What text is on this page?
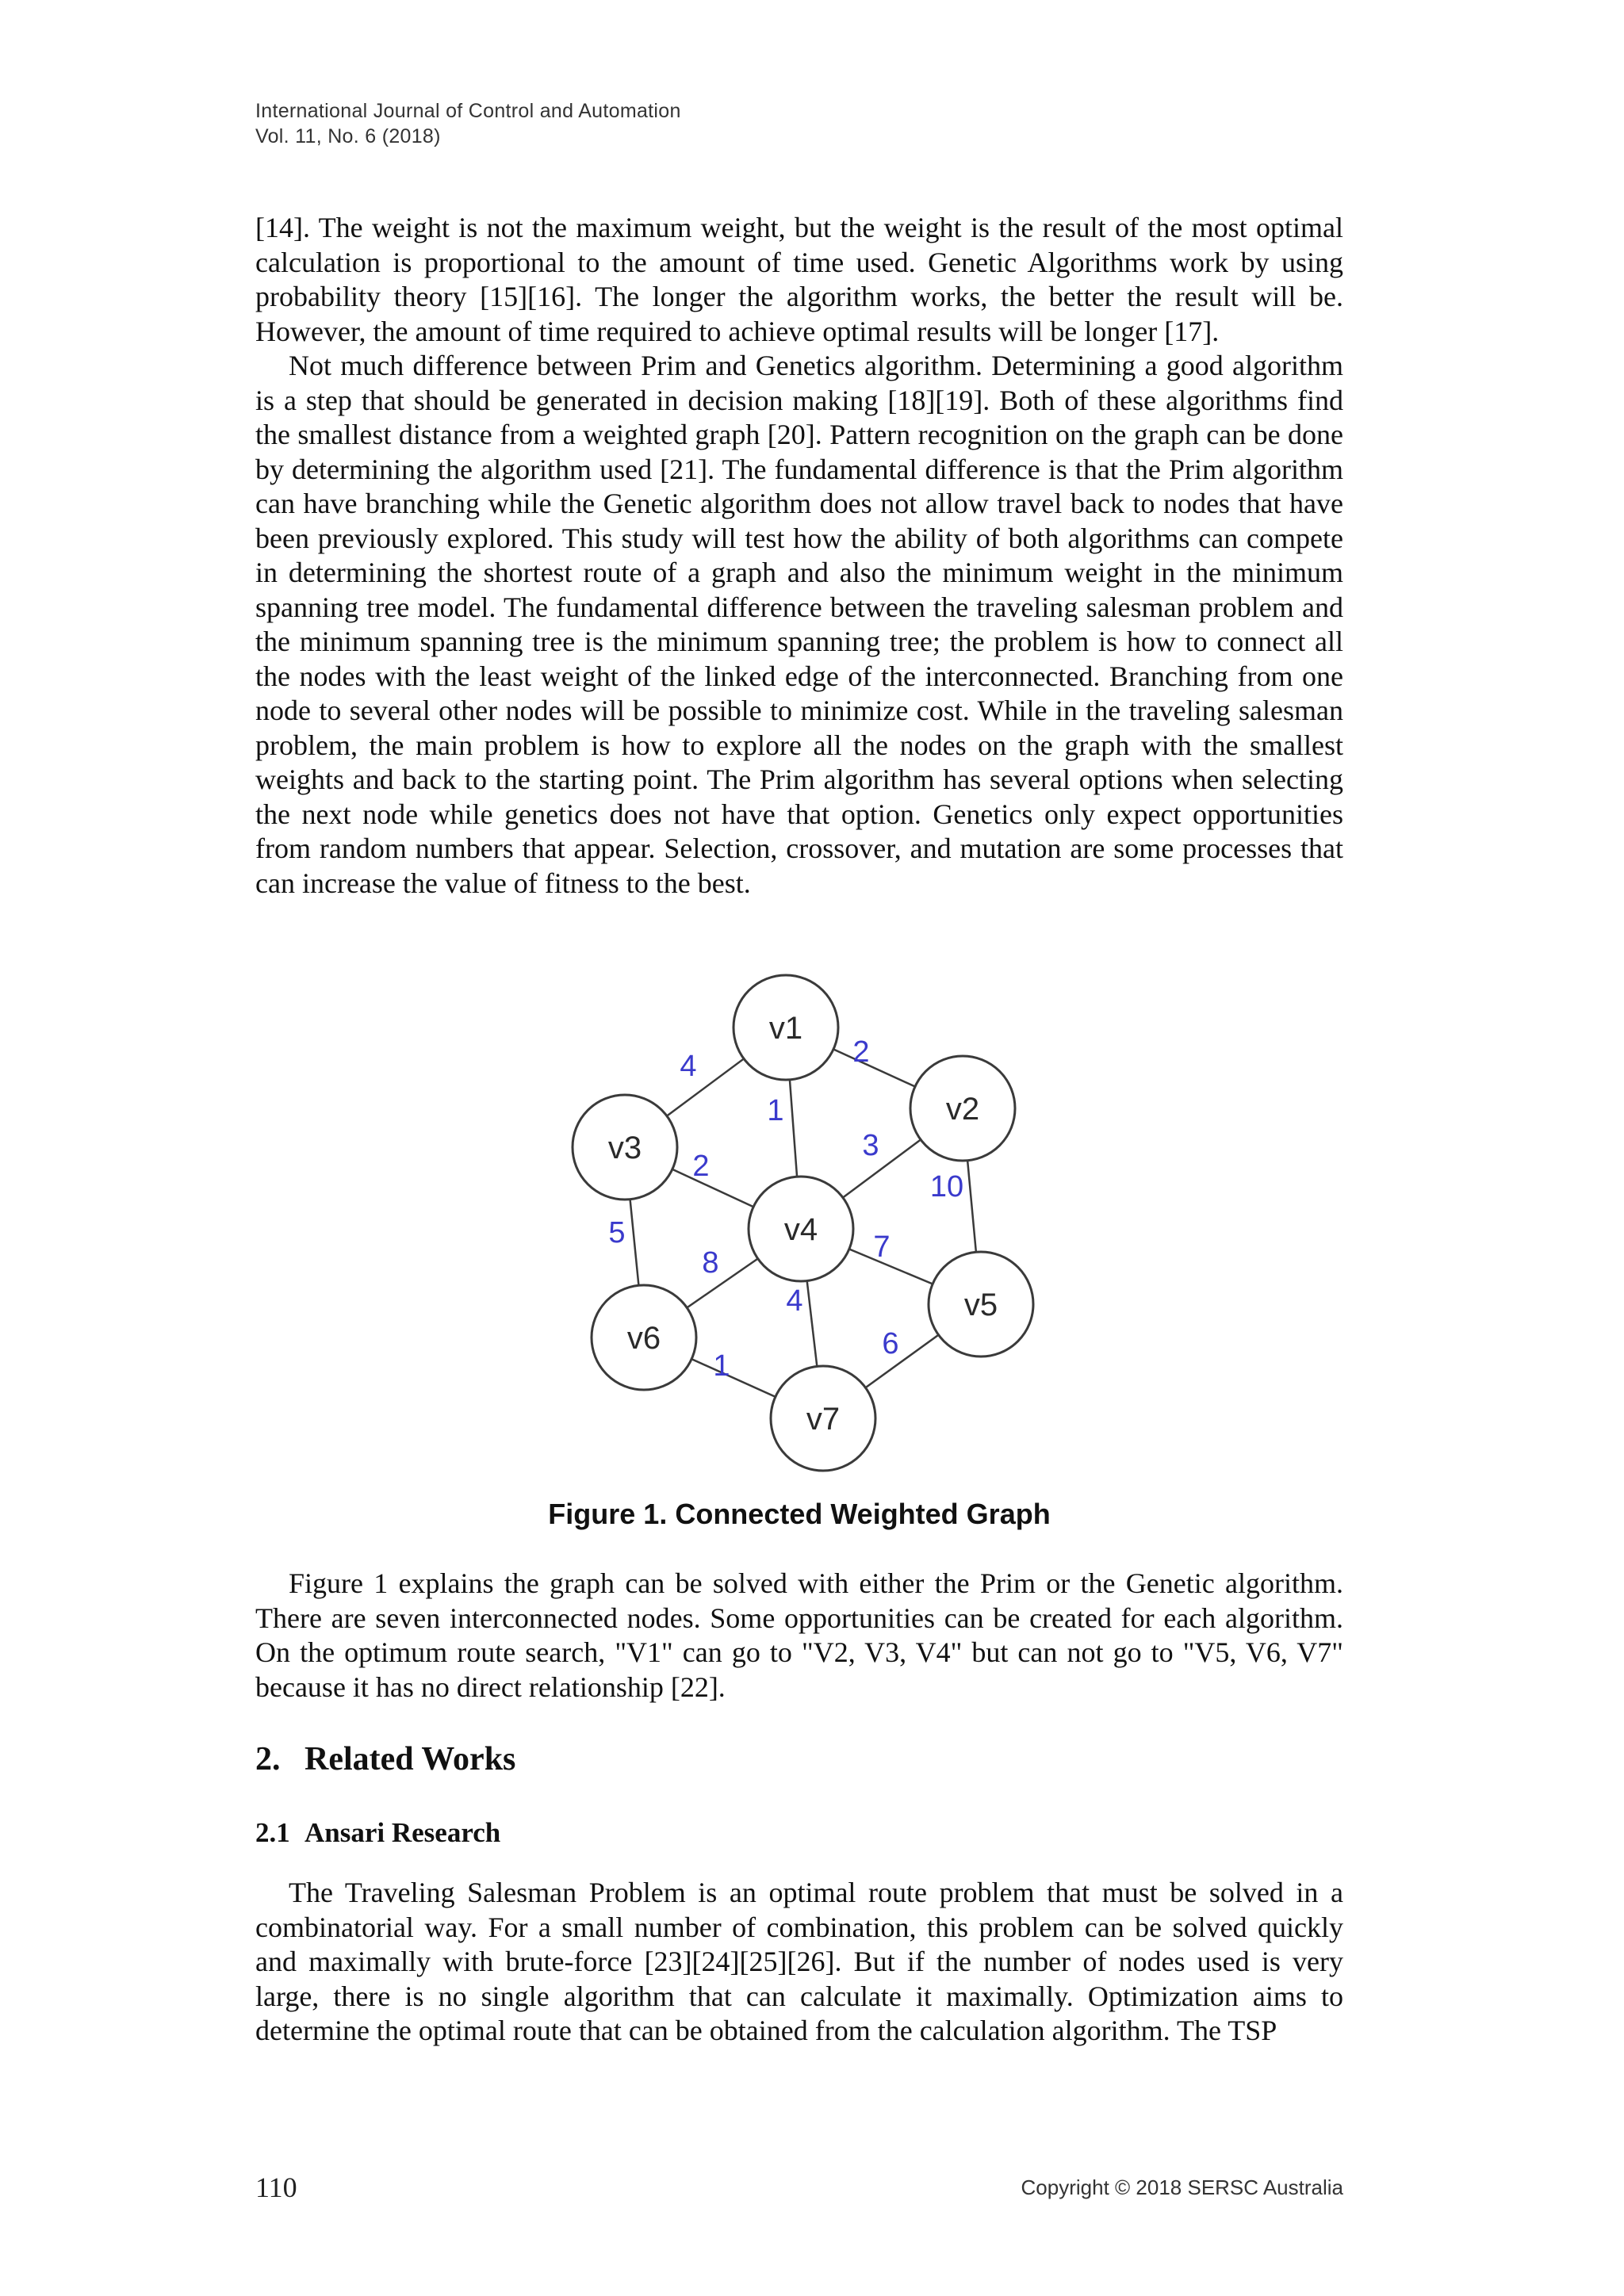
International Journal of Control and Automation
Vol. 11, No. 6 (2018)

[14]. The weight is not the maximum weight, but the weight is the result of the most optimal calculation is proportional to the amount of time used. Genetic Algorithms work by using probability theory [15][16]. The longer the algorithm works, the better the result will be. However, the amount of time required to achieve optimal results will be longer [17].

Not much difference between Prim and Genetics algorithm. Determining a good algorithm is a step that should be generated in decision making [18][19]. Both of these algorithms find the smallest distance from a weighted graph [20]. Pattern recognition on the graph can be done by determining the algorithm used [21]. The fundamental difference is that the Prim algorithm can have branching while the Genetic algorithm does not allow travel back to nodes that have been previously explored. This study will test how the ability of both algorithms can compete in determining the shortest route of a graph and also the minimum weight in the minimum spanning tree model. The fundamental difference between the traveling salesman problem and the minimum spanning tree is the minimum spanning tree; the problem is how to connect all the nodes with the least weight of the linked edge of the interconnected. Branching from one node to several other nodes will be possible to minimize cost. While in the traveling salesman problem, the main problem is how to explore all the nodes on the graph with the smallest weights and back to the starting point. The Prim algorithm has several options when selecting the next node while genetics does not have that option. Genetics only expect opportunities from random numbers that appear. Selection, crossover, and mutation are some processes that can increase the value of fitness to the best.

v1
v2
v3
v4
v5
v6
v7
4	2
1
3
2
10
5
8	7
4
1
6
Figure 1. Connected Weighted Graph

Figure 1 explains the graph can be solved with either the Prim or the Genetic algorithm. There are seven interconnected nodes. Some opportunities can be created for each algorithm. On the optimum route search, "V1" can go to "V2, V3, V4" but can not go to "V5, V6, V7" because it has no direct relationship [22].

2. Related Works
2.1 Ansari Research

The Traveling Salesman Problem is an optimal route problem that must be solved in a combinatorial way. For a small number of combination, this problem can be solved quickly and maximally with brute-force [23][24][25][26]. But if the number of nodes used is very large, there is no single algorithm that can calculate it maximally. Optimization aims to determine the optimal route that can be obtained from the calculation algorithm. The TSP

110	Copyright © 2018 SERSC Australia
